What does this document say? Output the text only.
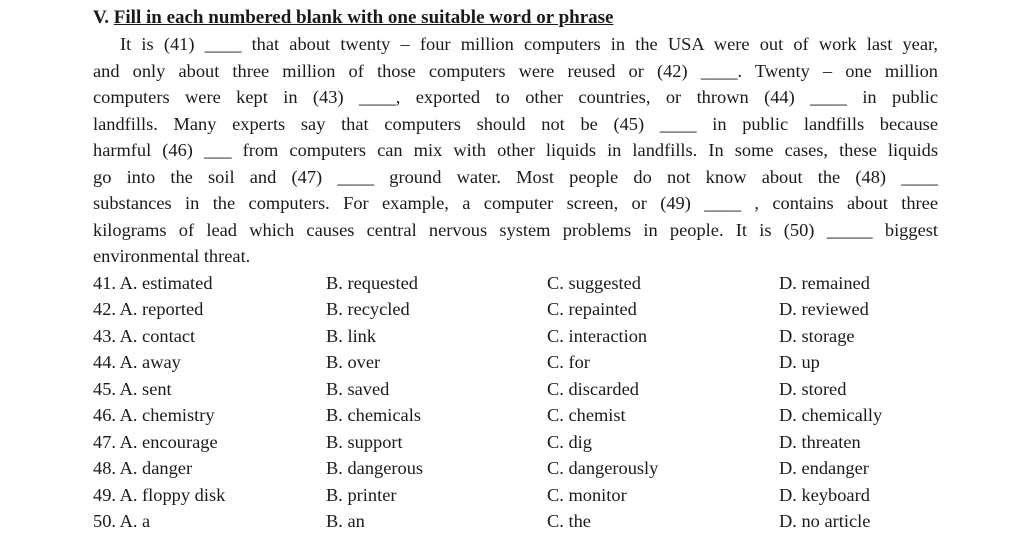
V. Fill in each numbered blank with one suitable word or phrase
It is (41) ____ that about twenty – four million computers in the USA were out of work last year,
and only about three million of those computers were reused or (42) ____. Twenty – one million
computers were kept in (43) ____, exported to other countries, or thrown (44) ____ in public
landfills. Many experts say that computers should not be (45) ____ in public landfills because
harmful (46) ___ from computers can mix with other liquids in landfills. In some cases, these liquids
go into the soil and (47) ____ ground water. Most people do not know about the (48) ____
substances in the computers. For example, a computer screen, or (49) ____ , contains about three
kilograms of lead which causes central nervous system problems in people. It is (50) _____ biggest
environmental threat.
41. A. estimated	B. requested	C. suggested	D. remained
42. A. reported	B. recycled	C. repainted	D. reviewed
43. A. contact	B. link	C. interaction	D. storage
44. A. away	B. over	C. for	D. up
45. A. sent	B. saved	C. discarded	D. stored
46. A. chemistry	B. chemicals	C. chemist	D. chemically
47. A. encourage	B. support	C. dig	D. threaten
48. A. danger	B. dangerous	C. dangerously	D. endanger
49. A. floppy disk	B. printer	C. monitor	D. keyboard
50. A. a	B. an	C. the	D. no article
